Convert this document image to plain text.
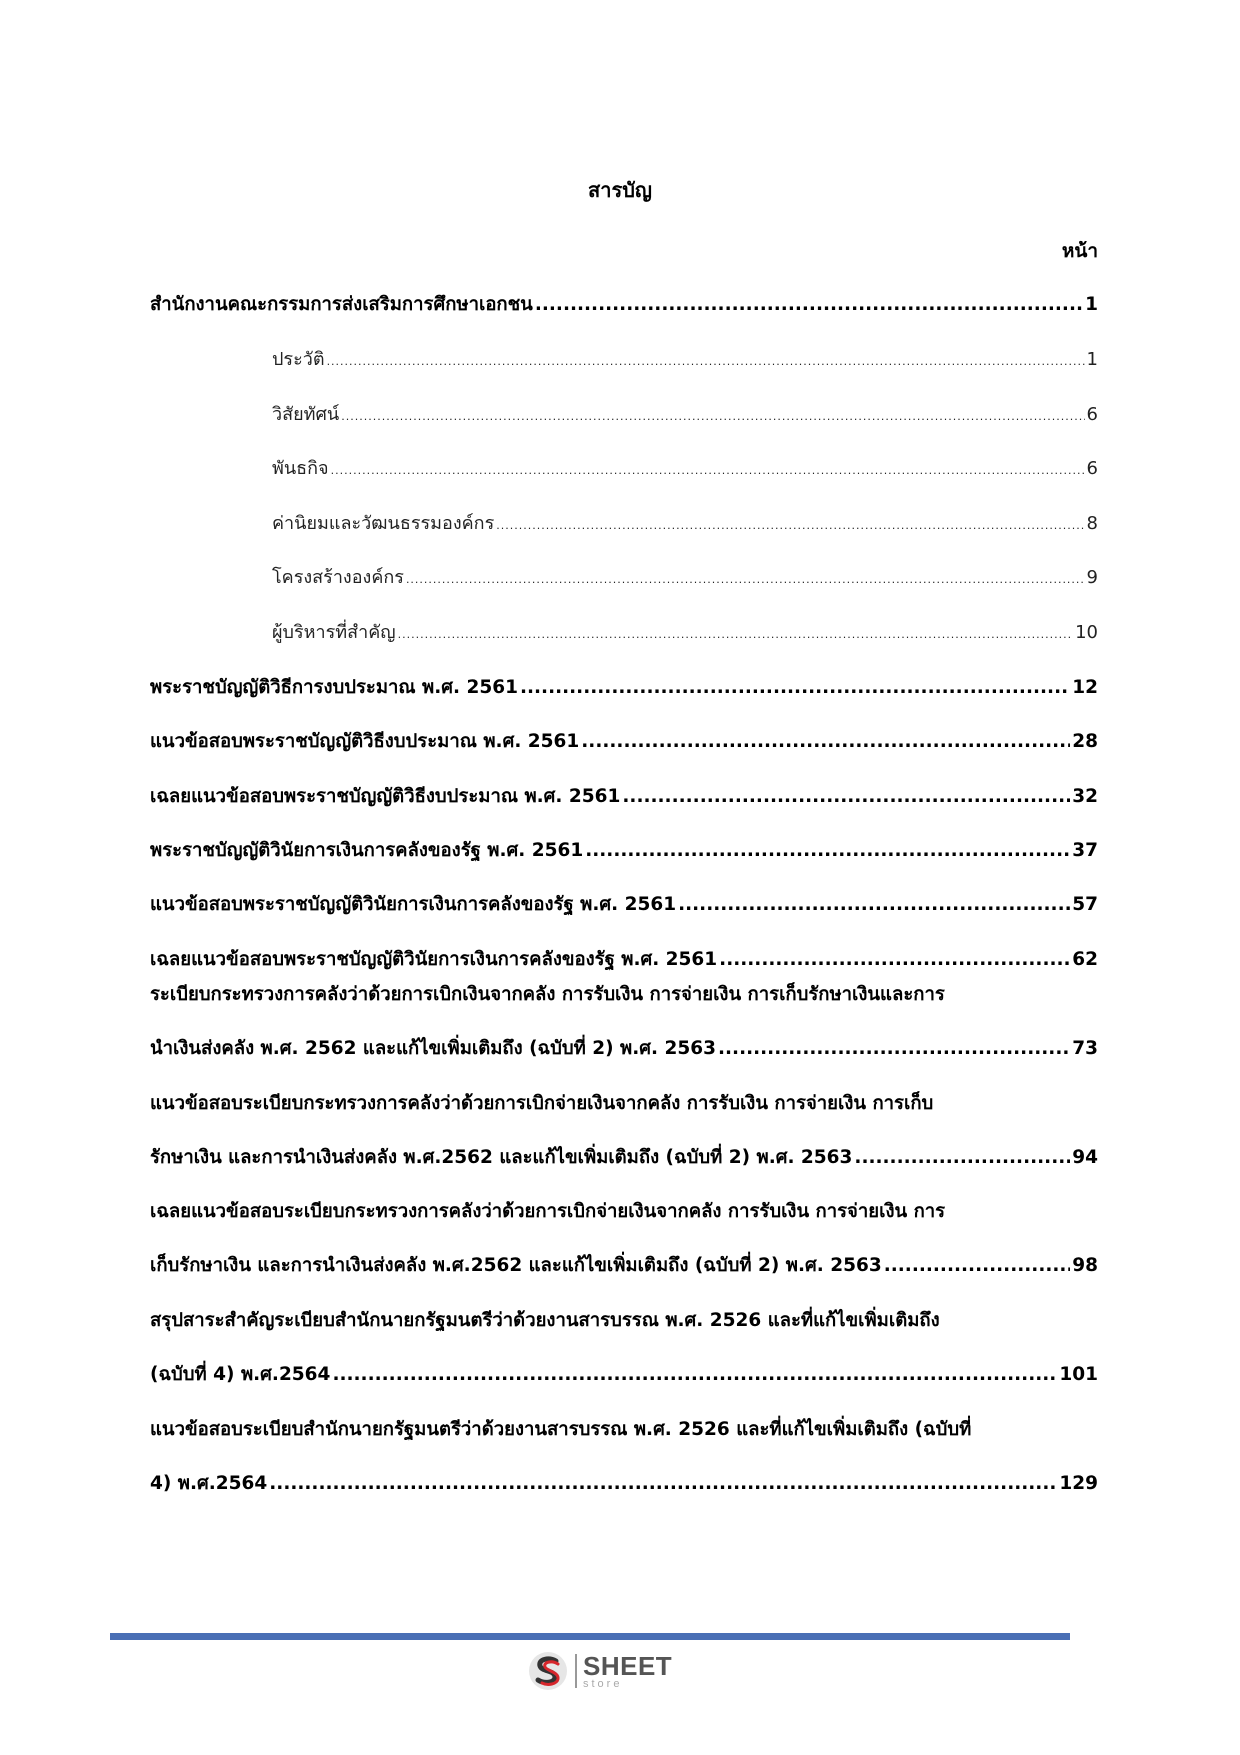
สารบัญ
หน้า
สำนักงานคณะกรรมการส่งเสริมการศึกษาเอกชน .....	1
ประวัติ .....	1
วิสัยทัศน์ .....	6
พันธกิจ .....	6
ค่านิยมและวัฒนธรรมองค์กร .....	8
โครงสร้างองค์กร .....	9
ผู้บริหารที่สำคัญ .....	10
พระราชบัญญัติวิธีการงบประมาณ พ.ศ. 2561 .....	12
แนวข้อสอบพระราชบัญญัติวิธีงบประมาณ พ.ศ. 2561 .....	28
เฉลยแนวข้อสอบพระราชบัญญัติวิธีงบประมาณ พ.ศ. 2561 .....	32
พระราชบัญญัติวินัยการเงินการคลังของรัฐ พ.ศ. 2561 .....	37
แนวข้อสอบพระราชบัญญัติวินัยการเงินการคลังของรัฐ พ.ศ. 2561 .....	57
เฉลยแนวข้อสอบพระราชบัญญัติวินัยการเงินการคลังของรัฐ พ.ศ. 2561 .....	62
ระเบียบกระทรวงการคลังว่าด้วยการเบิกเงินจากคลัง การรับเงิน การจ่ายเงิน การเก็บรักษาเงินและการ
นำเงินส่งคลัง พ.ศ. 2562 และแก้ไขเพิ่มเติมถึง (ฉบับที่ 2) พ.ศ. 2563 .....	73
แนวข้อสอบระเบียบกระทรวงการคลังว่าด้วยการเบิกจ่ายเงินจากคลัง การรับเงิน การจ่ายเงิน การเก็บ
รักษาเงิน และการนำเงินส่งคลัง พ.ศ.2562 และแก้ไขเพิ่มเติมถึง (ฉบับที่ 2) พ.ศ. 2563 .....	94
เฉลยแนวข้อสอบระเบียบกระทรวงการคลังว่าด้วยการเบิกจ่ายเงินจากคลัง การรับเงิน การจ่ายเงิน การ
เก็บรักษาเงิน และการนำเงินส่งคลัง พ.ศ.2562 และแก้ไขเพิ่มเติมถึง (ฉบับที่ 2) พ.ศ. 2563 .....	98
สรุปสาระสำคัญระเบียบสำนักนายกรัฐมนตรีว่าด้วยงานสารบรรณ พ.ศ. 2526 และที่แก้ไขเพิ่มเติมถึง
(ฉบับที่ 4) พ.ศ.2564 .....	101
แนวข้อสอบระเบียบสำนักนายกรัฐมนตรีว่าด้วยงานสารบรรณ พ.ศ. 2526 และที่แก้ไขเพิ่มเติมถึง (ฉบับที่
4) พ.ศ.2564 .....	129
SHEET
store
